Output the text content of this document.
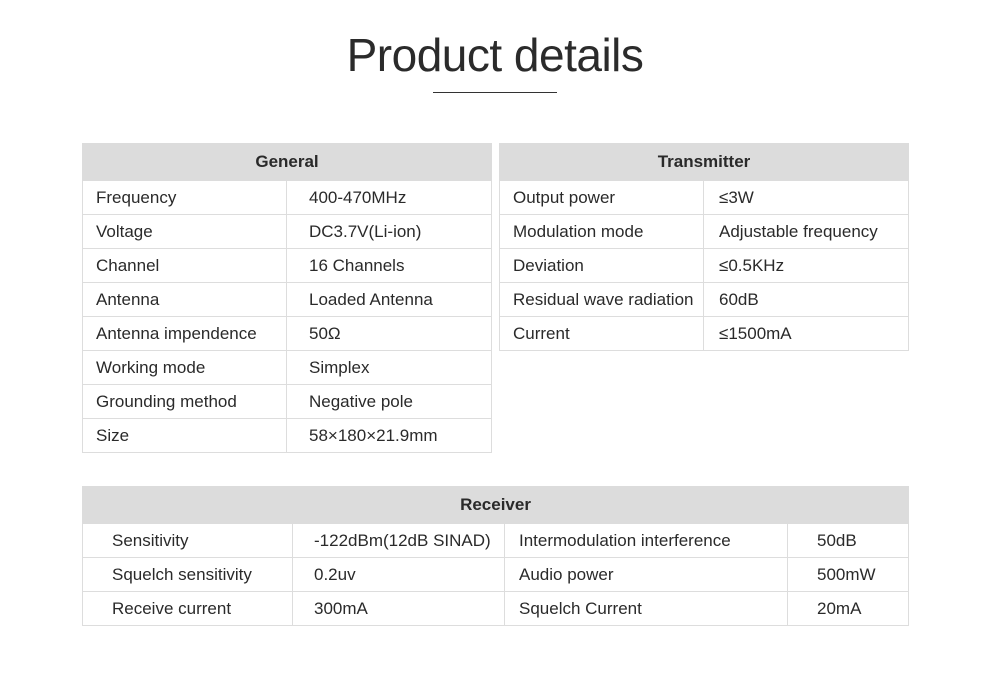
Product details
General	
Frequency	400-470MHz
Voltage	DC3.7V(Li-ion)
Channel	16 Channels
Antenna	Loaded Antenna
Antenna impendence	50Ω
Working mode	Simplex
Grounding method	Negative pole
Size	58×180×21.9mm
Transmitter	
Output power	≤3W
Modulation mode	Adjustable frequency
Deviation	≤0.5KHz
Residual wave radiation	60dB
Current	≤1500mA
Receiver			
Sensitivity	-122dBm(12dB SINAD)	Intermodulation interference	50dB
Squelch sensitivity	0.2uv	Audio power	500mW
Receive current	300mA	Squelch Current	20mA
